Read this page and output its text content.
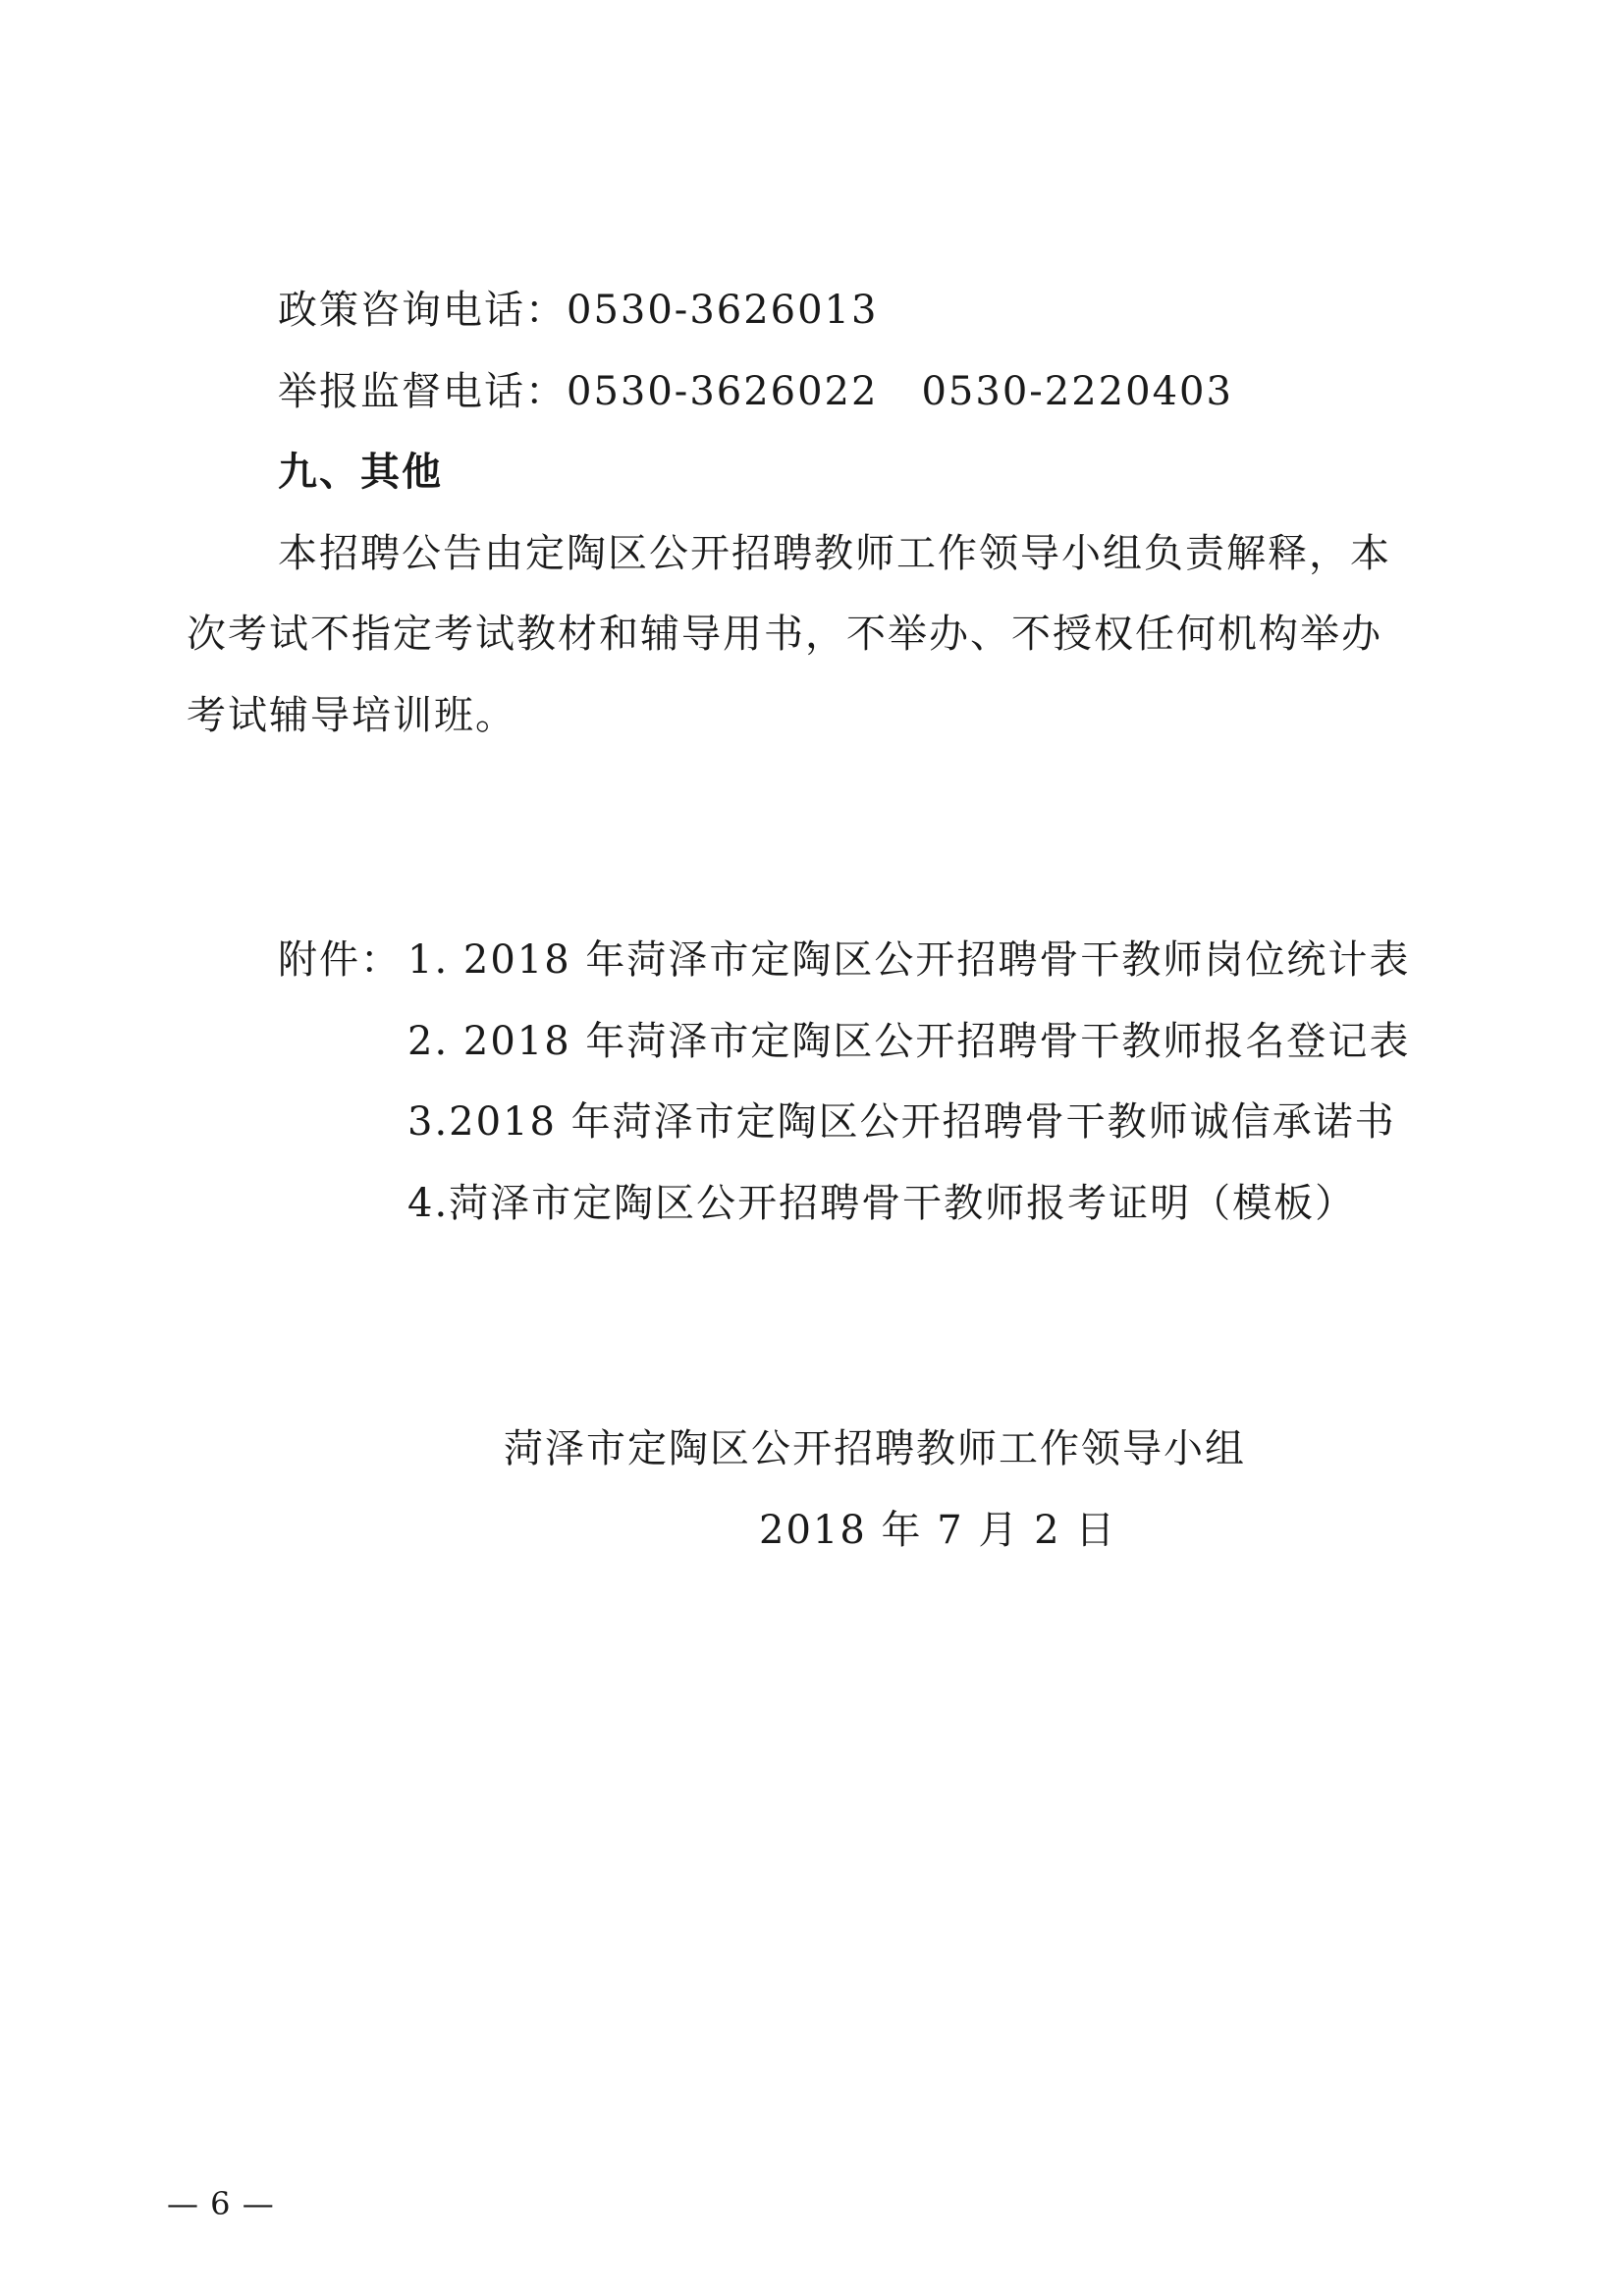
政策咨询电话：0530-3626013
举报监督电话：0530-3626022 0530-2220403
九、其他
本招聘公告由定陶区公开招聘教师工作领导小组负责解释，本
次考试不指定考试教材和辅导用书，不举办、不授权任何机构举办
考试辅导培训班。
附件： 1. 2018 年菏泽市定陶区公开招聘骨干教师岗位统计表
2. 2018 年菏泽市定陶区公开招聘骨干教师报名登记表
3.2018 年菏泽市定陶区公开招聘骨干教师诚信承诺书
4.菏泽市定陶区公开招聘骨干教师报考证明（模板）
菏泽市定陶区公开招聘教师工作领导小组
2018 年 7 月 2 日
— 6 —
